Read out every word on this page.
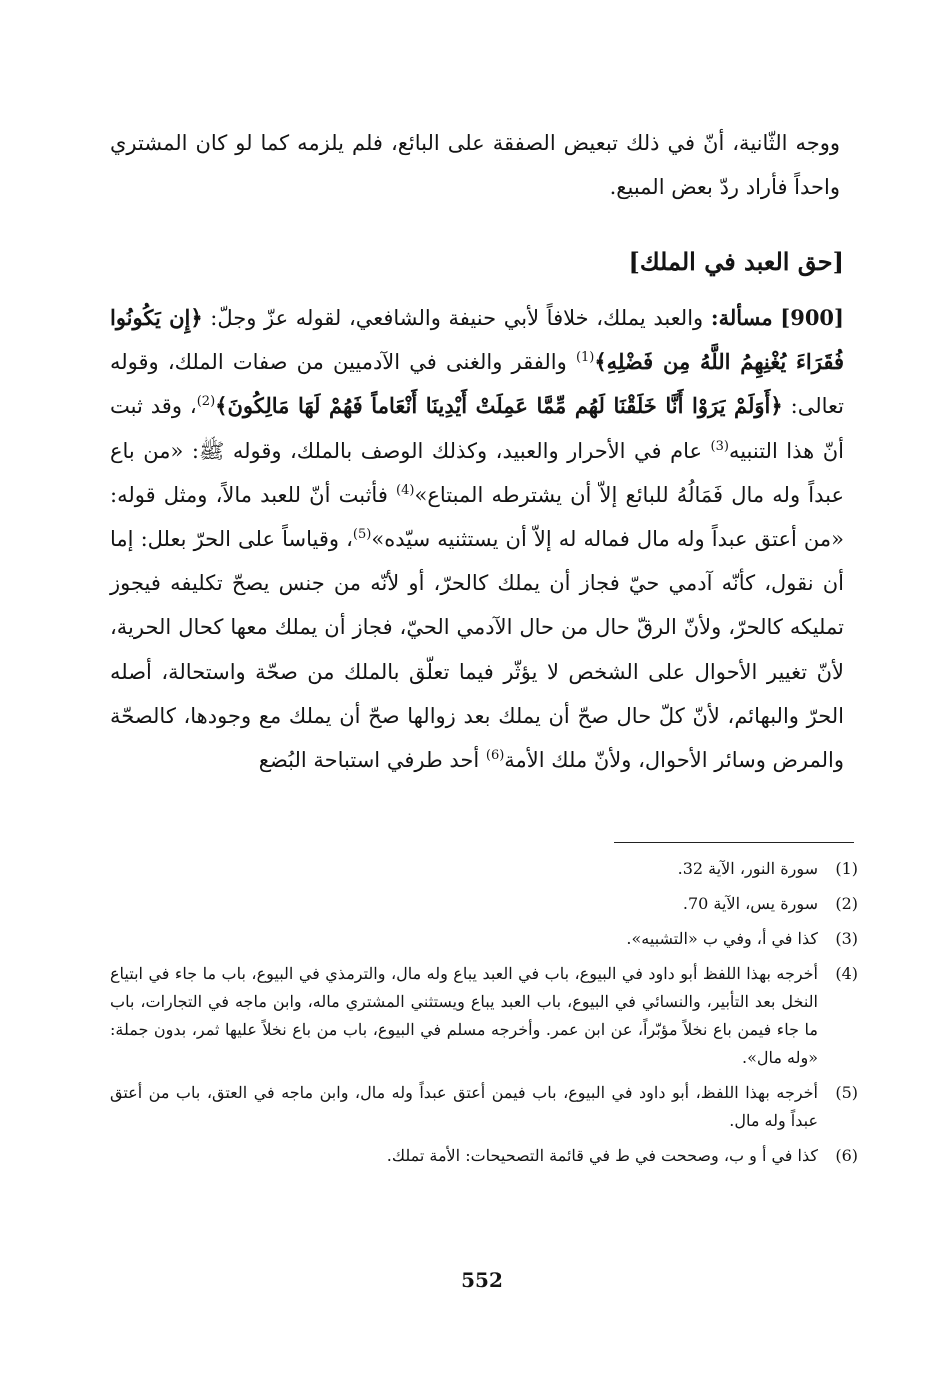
ووجه الثّانية، أنّ في ذلك تبعيض الصفقة على البائع، فلم يلزمه كما لو كان المشتري واحداً فأراد ردّ بعض المبيع.

[حق العبد في الملك]

[900] مسألة: والعبد يملك، خلافاً لأبي حنيفة والشافعي، لقوله عزّ وجلّ: ﴿إِن يَكُونُوا فُقَرَاءَ يُغْنِهِمُ اللَّهُ مِن فَضْلِهِ﴾$^{(1)}$ والفقر والغنى في الآدميين من صفات الملك، وقوله تعالى: ﴿أَوَلَمْ يَرَوْا أَنَّا خَلَقْنَا لَهُم مِّمَّا عَمِلَتْ أَيْدِينَا أَنْعَاماً فَهُمْ لَهَا مَالِكُونَ﴾$^{(2)}$، وقد ثبت أنّ هذا التنبيه$^{(3)}$ عام في الأحرار والعبيد، وكذلك الوصف بالملك، وقوله ﷺ: «من باع عبداً وله مال فَمَالُهُ للبائع إلاّ أن يشترطه المبتاع»$^{(4)}$ فأثبت أنّ للعبد مالاً، ومثل قوله: «من أعتق عبداً وله مال فماله له إلاّ أن يستثنيه سيّده»$^{(5)}$، وقياساً على الحرّ بعلل: إما أن نقول، كأنّه آدمي حيّ فجاز أن يملك كالحرّ، أو لأنّه من جنس يصحّ تكليفه فيجوز تمليكه كالحرّ، ولأنّ الرقّ حال من حال الآدمي الحيّ، فجاز أن يملك معها كحال الحرية، لأنّ تغيير الأحوال على الشخص لا يؤثّر فيما تعلّق بالملك من صحّة واستحالة، أصله الحرّ والبهائم، لأنّ كلّ حال صحّ أن يملك بعد زوالها صحّ أن يملك مع وجودها، كالصحّة والمرض وسائر الأحوال، ولأنّ ملك الأمة$^{(6)}$ أحد طرفي استباحة البُضع

(1)
سورة النور، الآية 32.
(2)
سورة يس، الآية 70.
(3)
كذا في أ، وفي ب «التشبيه».
(4)
أخرجه بهذا اللفظ أبو داود في البيوع، باب في العبد يباع وله مال، والترمذي في البيوع، باب ما جاء في ابتياع النخل بعد التأبير، والنسائي في البيوع، باب العبد يباع ويستثني المشتري ماله، وابن ماجه في التجارات، باب ما جاء فيمن باع نخلاً مؤبّراً، عن ابن عمر. وأخرجه مسلم في البيوع، باب من باع نخلاً عليها ثمر، بدون جملة: «وله مال».
(5)
أخرجه بهذا اللفظ، أبو داود في البيوع، باب فيمن أعتق عبداً وله مال، وابن ماجه في العتق، باب من أعتق عبداً وله مال.
(6)
كذا في أ و ب، وصححت في ط في قائمة التصحيحات: الأمة تملك.
552
